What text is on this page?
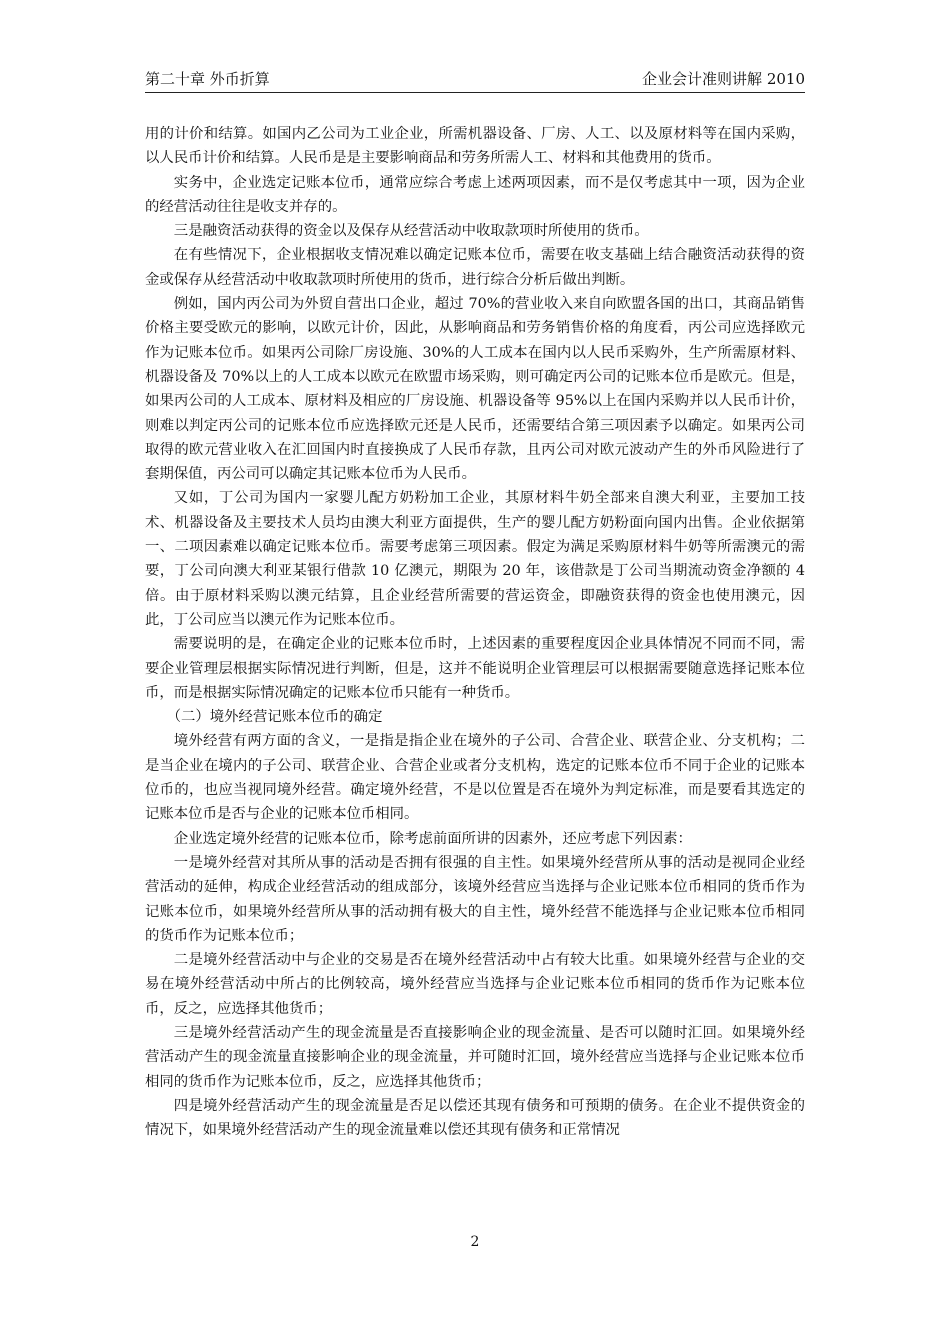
第二十章 外币折算	企业会计准则讲解 2010

用的计价和结算。如国内乙公司为工业企业，所需机器设备、厂房、人工、以及原材料等在国内采购，以人民币计价和结算。人民币是是主要影响商品和劳务所需人工、材料和其他费用的货币。

实务中，企业选定记账本位币，通常应综合考虑上述两项因素，而不是仅考虑其中一项，因为企业的经营活动往往是收支并存的。

三是融资活动获得的资金以及保存从经营活动中收取款项时所使用的货币。

在有些情况下，企业根据收支情况难以确定记账本位币，需要在收支基础上结合融资活动获得的资金或保存从经营活动中收取款项时所使用的货币，进行综合分析后做出判断。

例如，国内丙公司为外贸自营出口企业，超过 70%的营业收入来自向欧盟各国的出口，其商品销售价格主要受欧元的影响，以欧元计价，因此，从影响商品和劳务销售价格的角度看，丙公司应选择欧元作为记账本位币。如果丙公司除厂房设施、30%的人工成本在国内以人民币采购外，生产所需原材料、机器设备及 70%以上的人工成本以欧元在欧盟市场采购，则可确定丙公司的记账本位币是欧元。但是，如果丙公司的人工成本、原材料及相应的厂房设施、机器设备等 95%以上在国内采购并以人民币计价，则难以判定丙公司的记账本位币应选择欧元还是人民币，还需要结合第三项因素予以确定。如果丙公司取得的欧元营业收入在汇回国内时直接换成了人民币存款，且丙公司对欧元波动产生的外币风险进行了套期保值，丙公司可以确定其记账本位币为人民币。

又如，丁公司为国内一家婴儿配方奶粉加工企业，其原材料牛奶全部来自澳大利亚，主要加工技术、机器设备及主要技术人员均由澳大利亚方面提供，生产的婴儿配方奶粉面向国内出售。企业依据第一、二项因素难以确定记账本位币。需要考虑第三项因素。假定为满足采购原材料牛奶等所需澳元的需要，丁公司向澳大利亚某银行借款 10 亿澳元，期限为 20 年，该借款是丁公司当期流动资金净额的 4 倍。由于原材料采购以澳元结算，且企业经营所需要的营运资金，即融资获得的资金也使用澳元，因此，丁公司应当以澳元作为记账本位币。

需要说明的是，在确定企业的记账本位币时，上述因素的重要程度因企业具体情况不同而不同，需要企业管理层根据实际情况进行判断，但是，这并不能说明企业管理层可以根据需要随意选择记账本位币，而是根据实际情况确定的记账本位币只能有一种货币。

（二）境外经营记账本位币的确定

境外经营有两方面的含义，一是指是指企业在境外的子公司、合营企业、联营企业、分支机构；二是当企业在境内的子公司、联营企业、合营企业或者分支机构，选定的记账本位币不同于企业的记账本位币的，也应当视同境外经营。确定境外经营，不是以位置是否在境外为判定标准，而是要看其选定的记账本位币是否与企业的记账本位币相同。

企业选定境外经营的记账本位币，除考虑前面所讲的因素外，还应考虑下列因素：

一是境外经营对其所从事的活动是否拥有很强的自主性。如果境外经营所从事的活动是视同企业经营活动的延伸，构成企业经营活动的组成部分，该境外经营应当选择与企业记账本位币相同的货币作为记账本位币，如果境外经营所从事的活动拥有极大的自主性，境外经营不能选择与企业记账本位币相同的货币作为记账本位币；

二是境外经营活动中与企业的交易是否在境外经营活动中占有较大比重。如果境外经营与企业的交易在境外经营活动中所占的比例较高，境外经营应当选择与企业记账本位币相同的货币作为记账本位币，反之，应选择其他货币；

三是境外经营活动产生的现金流量是否直接影响企业的现金流量、是否可以随时汇回。如果境外经营活动产生的现金流量直接影响企业的现金流量，并可随时汇回，境外经营应当选择与企业记账本位币相同的货币作为记账本位币，反之，应选择其他货币；

四是境外经营活动产生的现金流量是否足以偿还其现有债务和可预期的债务。在企业不提供资金的情况下，如果境外经营活动产生的现金流量难以偿还其现有债务和正常情况

2
